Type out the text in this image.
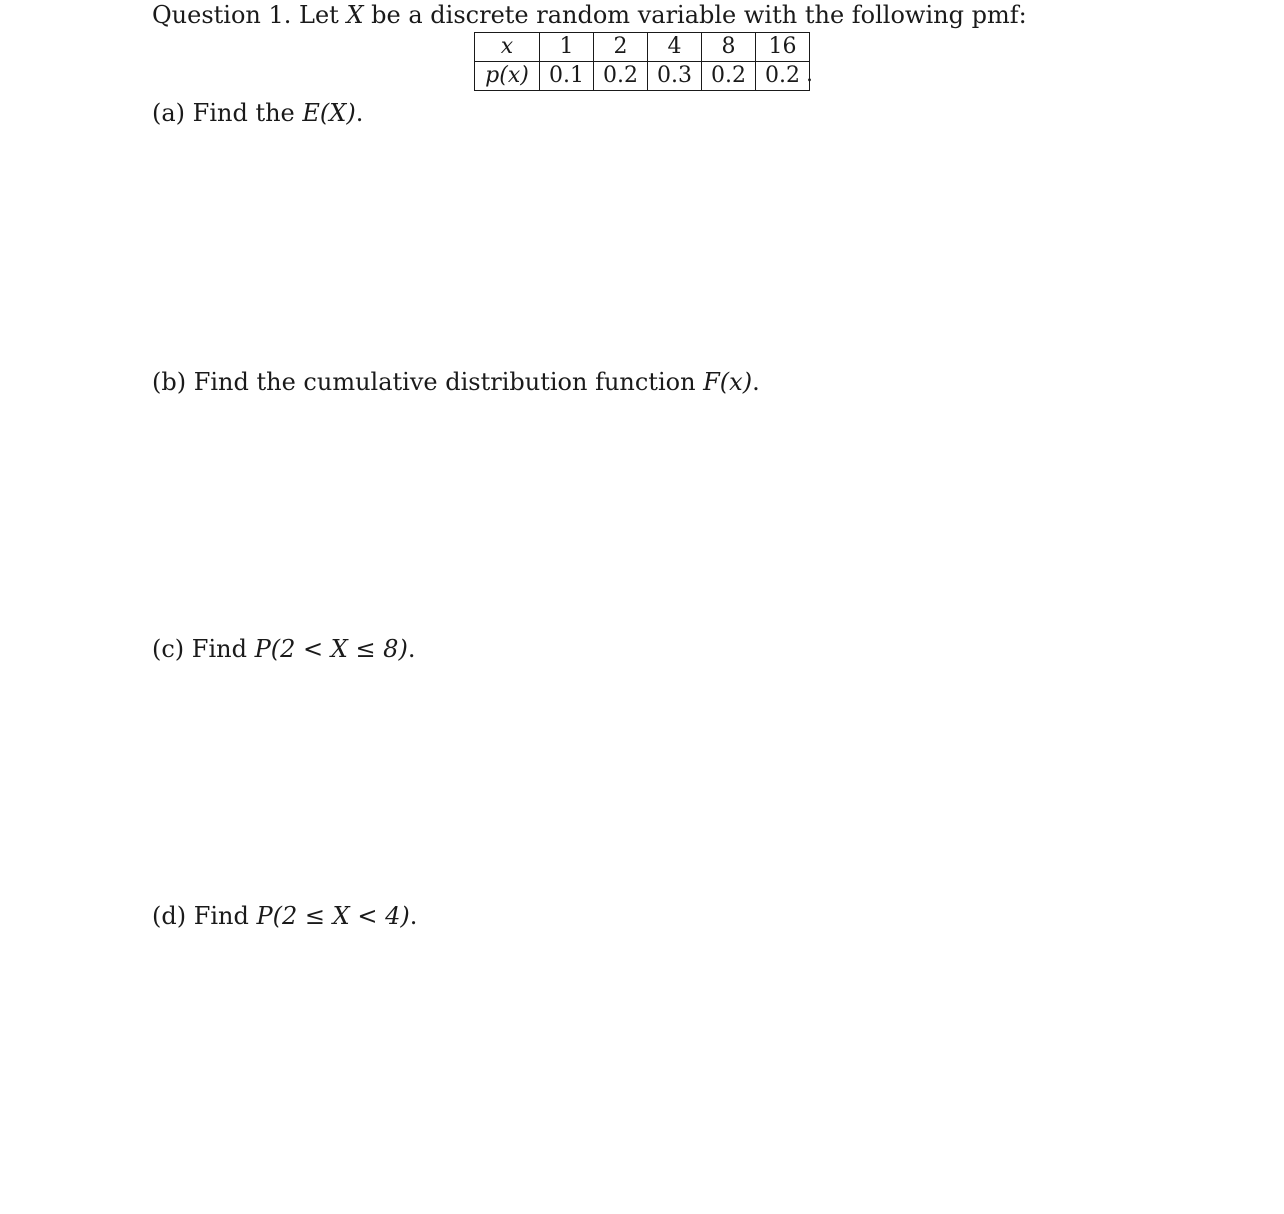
Question 1. Let X be a discrete random variable with the following pmf:
x	1	2	4	8	16
p(x)	0.1	0.2	0.3	0.2	0.2 .
(a) Find the E(X).
(b) Find the cumulative distribution function F(x).
(c) Find P(2 < X ≤ 8).
(d) Find P(2 ≤ X < 4).
